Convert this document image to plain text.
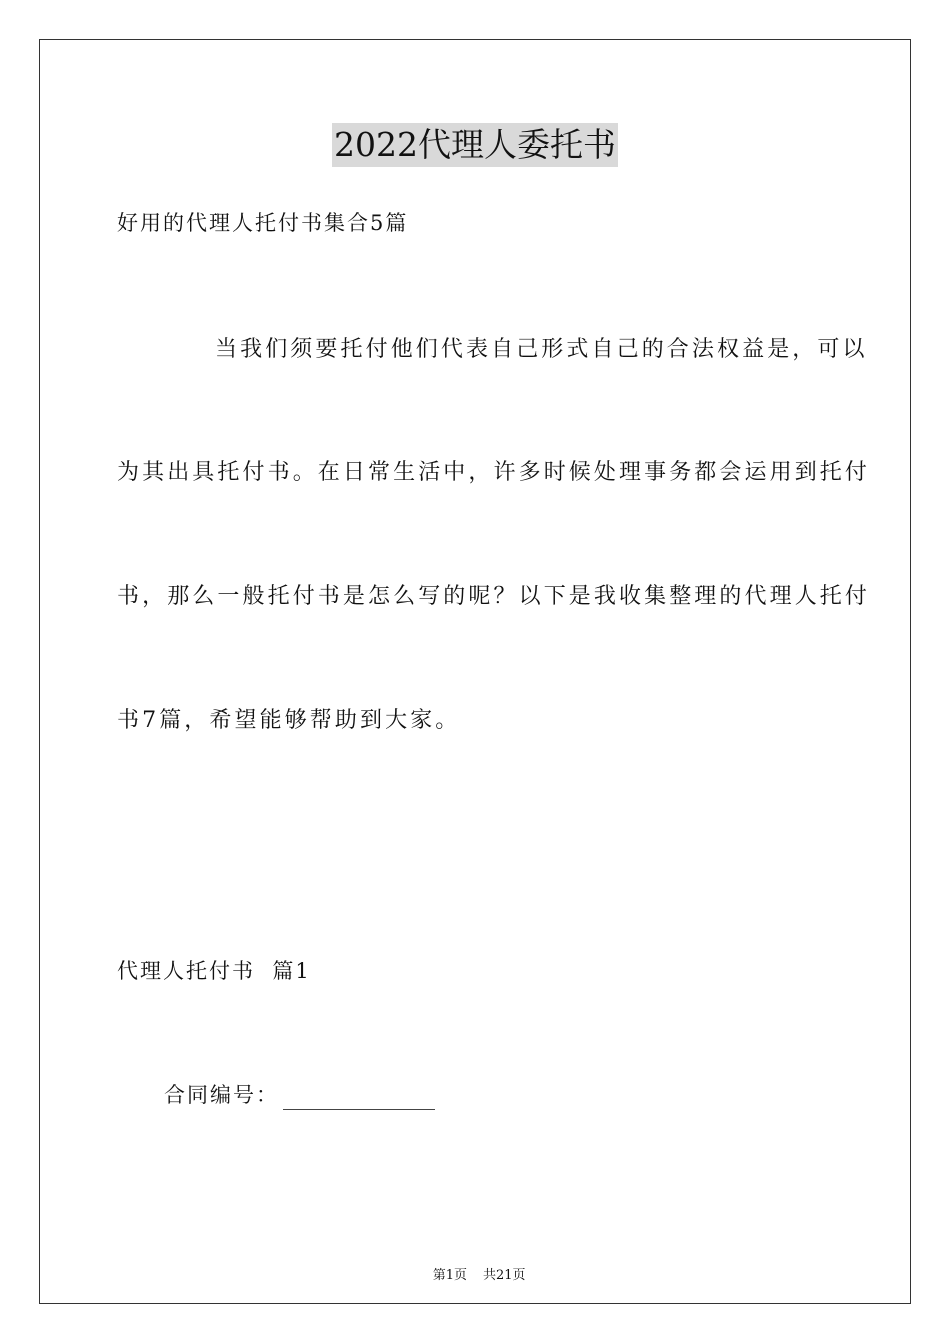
2022代理人委托书
好用的代理人托付书集合5篇
当我们须要托付他们代表自己形式自己的合法权益是，可以
为其出具托付书。在日常生活中，许多时候处理事务都会运用到托付
书，那么一般托付书是怎么写的呢？以下是我收集整理的代理人托付
书7篇，希望能够帮助到大家。
代理人托付书  篇1
合同编号：

第1页 共21页
